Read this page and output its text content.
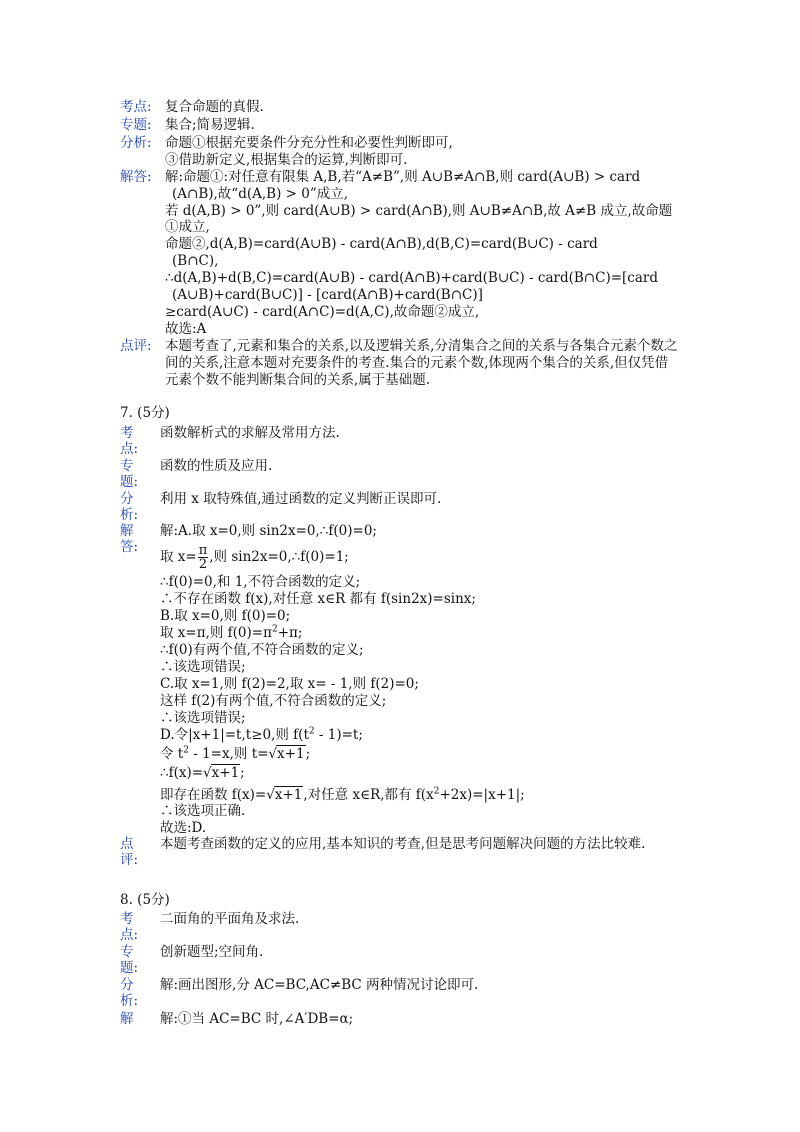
考点: 复合命题的真假.
专题: 集合;简易逻辑.
分析: 命题①根据充要条件分充分性和必要性判断即可,
③借助新定义,根据集合的运算,判断即可.
解答: 解:命题①:对任意有限集 A,B,若“A≠B”,则 A∪B≠A∩B,则 card(A∪B) > card
(A∩B),故“d(A,B) > 0”成立,
若 d(A,B) > 0”,则 card(A∪B) > card(A∩B),则 A∪B≠A∩B,故 A≠B 成立,故命题
①成立,
命题②,d(A,B)=card(A∪B) - card(A∩B),d(B,C)=card(B∪C) - card
(B∩C),
∴d(A,B)+d(B,C)=card(A∪B) - card(A∩B)+card(B∪C) - card(B∩C)=[card
(A∪B)+card(B∪C)] - [card(A∩B)+card(B∩C)]
≥card(A∪C) - card(A∩C)=d(A,C),故命题②成立,
故选:A
点评: 本题考查了,元素和集合的关系,以及逻辑关系,分清集合之间的关系与各集合元素个数之
间的关系,注意本题对充要条件的考查.集合的元素个数,体现两个集合的关系,但仅凭借
元素个数不能判断集合间的关系,属于基础题.
7. (5分)
考
点:
函数解析式的求解及常用方法.
专
题:
函数的性质及应用.
分
析:
利用 x 取特殊值,通过函数的定义判断正误即可.
解
答:
解:A.取 x=0,则 sin2x=0,∴f(0)=0;
取 $x= \frac{\pi}{2}$ ,则 sin2x=0,∴f(0)=1;
∴f(0)=0,和 1,不符合函数的定义;
∴不存在函数 f(x),对任意 x∈R 都有 f(sin2x)=sinx;
B.取 x=0,则 f(0)=0;
取 x=π,则 $f(0)=\pi^2+\pi$;
∴f(0)有两个值,不符合函数的定义;
∴该选项错误;
C.取 x=1,则 f(2)=2,取 x= - 1,则 f(2)=0;
这样 f(2)有两个值,不符合函数的定义;
∴该选项错误;
D.令|x+1|=t,t≥0,则 $f(t^2 - 1)=t$;
令 $t^2 - 1=x$,则 t=√x+1;
∴f(x)=√x+1;
即存在函数 f(x)=√x+1,对任意 x∈R,都有 $f(x^2+2x)=|x+1|$;
∴该选项正确.
故选:D.
点
评:
本题考查函数的定义的应用,基本知识的考查,但是思考问题解决问题的方法比较难.
8. (5分)
考
点:
二面角的平面角及求法.
专
题:
创新题型;空间角.
分
析:
解:画出图形,分 AC=BC,AC≠BC 两种情况讨论即可.
解 解:①当 AC=BC 时,∠A′DB=α;
